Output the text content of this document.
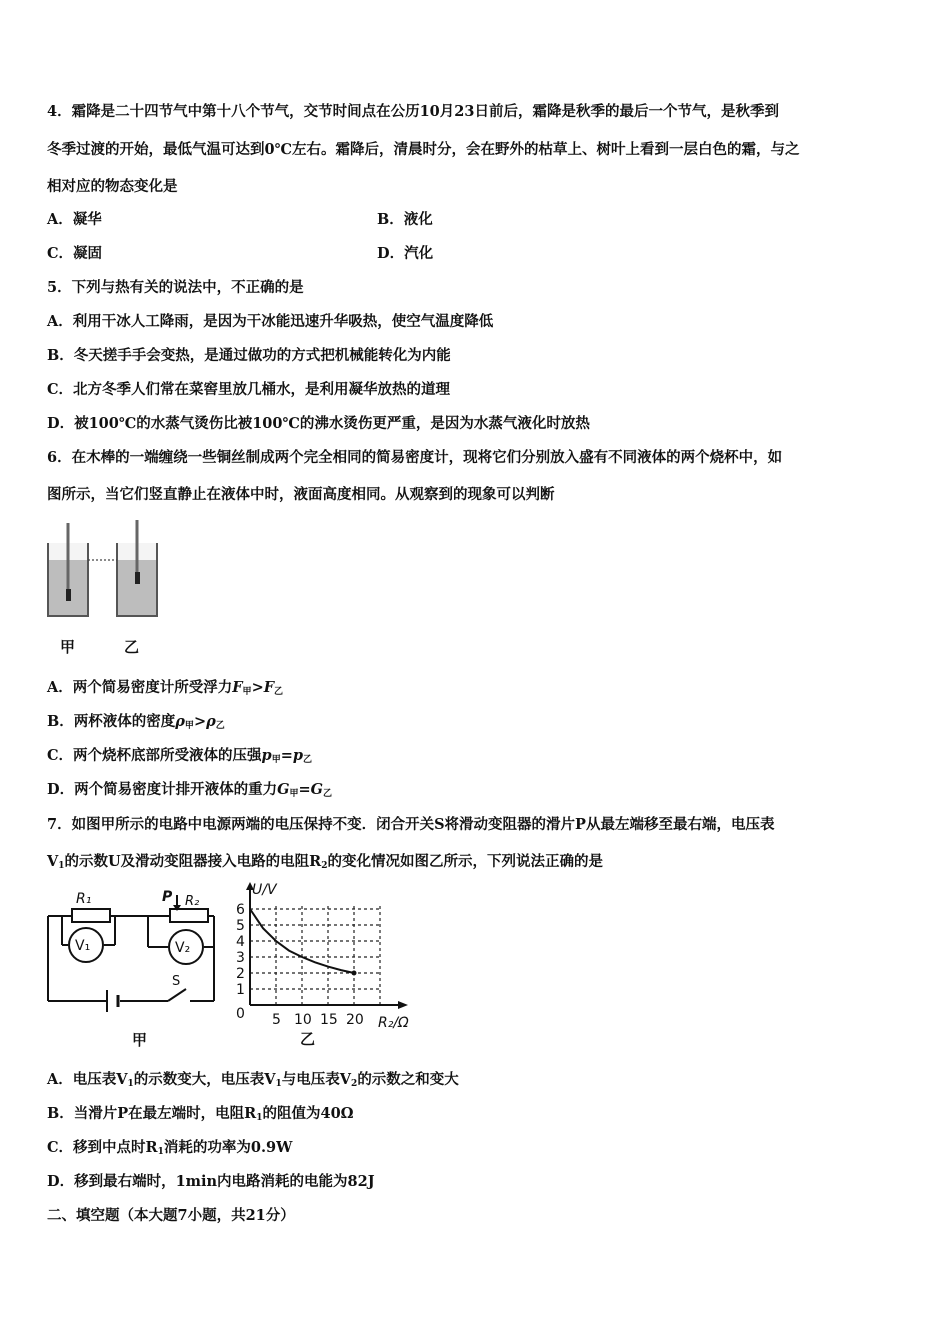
4．霜降是二十四节气中第十八个节气，交节时间点在公历10月23日前后，霜降是秋季的最后一个节气，是秋季到
冬季过渡的开始，最低气温可达到0℃左右。霜降后，清晨时分，会在野外的枯草上、树叶上看到一层白色的霜，与之
相对应的物态变化是
A．凝华	B．液化
C．凝固	D．汽化
5．下列与热有关的说法中，不正确的是
A．利用干冰人工降雨，是因为干冰能迅速升华吸热，使空气温度降低
B．冬天搓手手会变热，是通过做功的方式把机械能转化为内能
C．北方冬季人们常在菜窖里放几桶水，是利用凝华放热的道理
D．被100℃的水蒸气烫伤比被100℃的沸水烫伤更严重，是因为水蒸气液化时放热
6．在木棒的一端缠绕一些铜丝制成两个完全相同的简易密度计，现将它们分别放入盛有不同液体的两个烧杯中，如
图所示，当它们竖直静止在液体中时，液面高度相同。从观察到的现象可以判断
甲	乙
A．两个简易密度计所受浮力$F_甲>F_乙$
B．两杯液体的密度$\rho_甲>\rho_乙$
C．两个烧杯底部所受液体的压强$p_甲=p_乙$
D．两个简易密度计排开液体的重力$G_甲=G_乙$
7．如图甲所示的电路中电源两端的电压保持不变．闭合开关S将滑动变阻器的滑片P从最左端移至最右端，电压表
$V_1$的示数U及滑动变阻器接入电路的电阻$R_2$的变化情况如图乙所示，下列说法正确的是
R₁	P R₂
V₁	V₂
S
甲
1
2
3
4
5
6
5 10 15 20
U/V
R₂/Ω
0
乙
A．电压表$V_1$的示数变大，电压表$V_1$与电压表$V_2$的示数之和变大
B．当滑片P在最左端时，电阻$R_1$的阻值为40Ω
C．移到中点时$R_1$消耗的功率为0.9W
D．移到最右端时，1min内电路消耗的电能为82J
二、填空题（本大题7小题，共21分）
